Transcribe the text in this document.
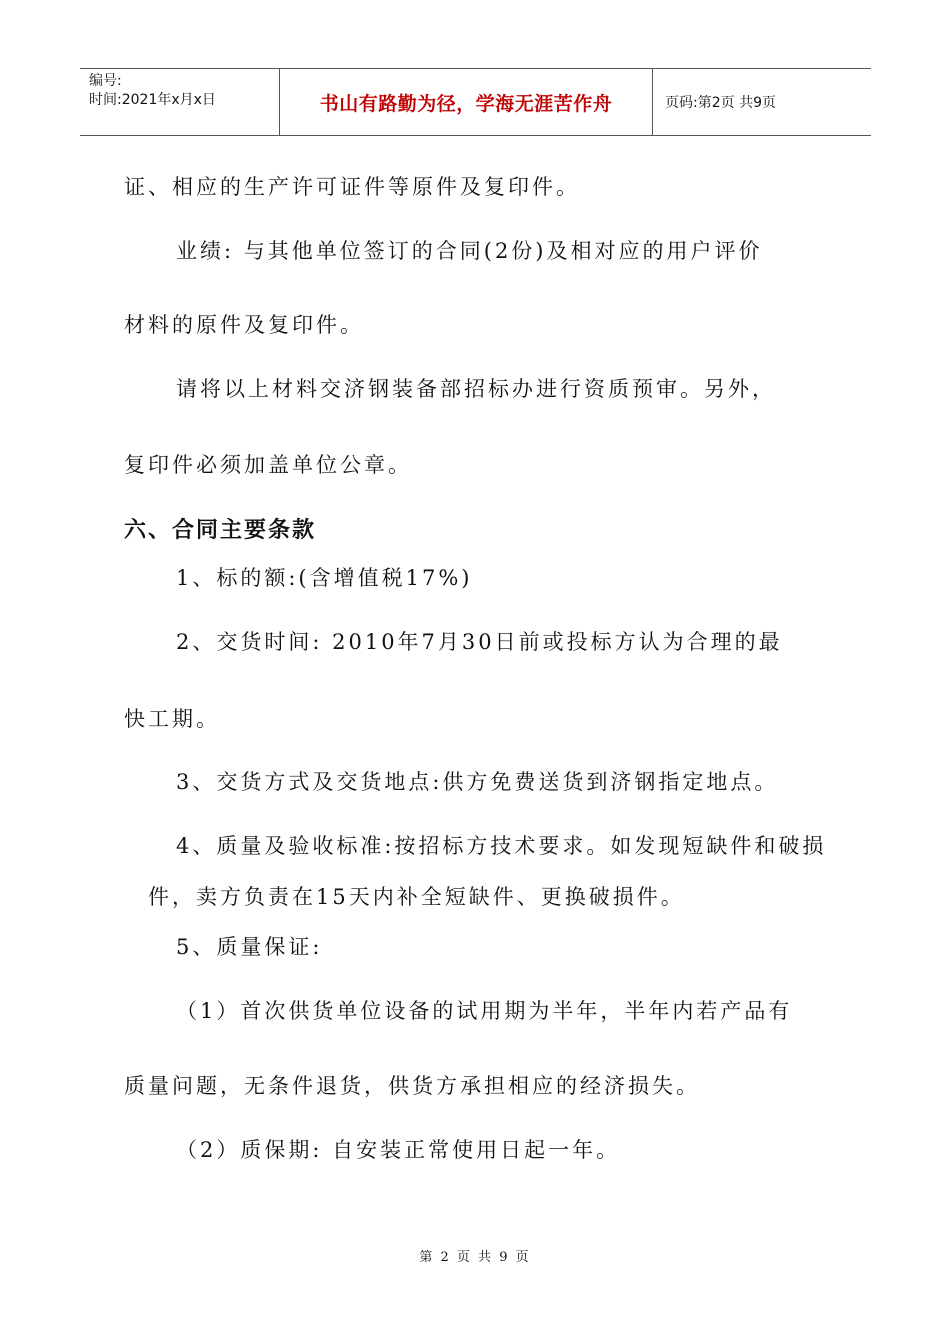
编号:
时间:2021年x月x日	书山有路勤为径，学海无涯苦作舟	页码:第2页 共9页

证、相应的生产许可证件等原件及复印件。

业绩: 与其他单位签订的合同(2份)及相对应的用户评价

材料的原件及复印件。

请将以上材料交济钢装备部招标办进行资质预审。另外，

复印件必须加盖单位公章。

六、合同主要条款

1、标的额:(含增值税17%)

2、交货时间: 2010年7月30日前或投标方认为合理的最

快工期。

3、交货方式及交货地点:供方免费送货到济钢指定地点。

4、质量及验收标准:按招标方技术要求。如发现短缺件和破损

件，卖方负责在15天内补全短缺件、更换破损件。

5、质量保证:

（1）首次供货单位设备的试用期为半年，半年内若产品有

质量问题，无条件退货，供货方承担相应的经济损失。

（2）质保期: 自安装正常使用日起一年。

第 2 页 共 9 页
